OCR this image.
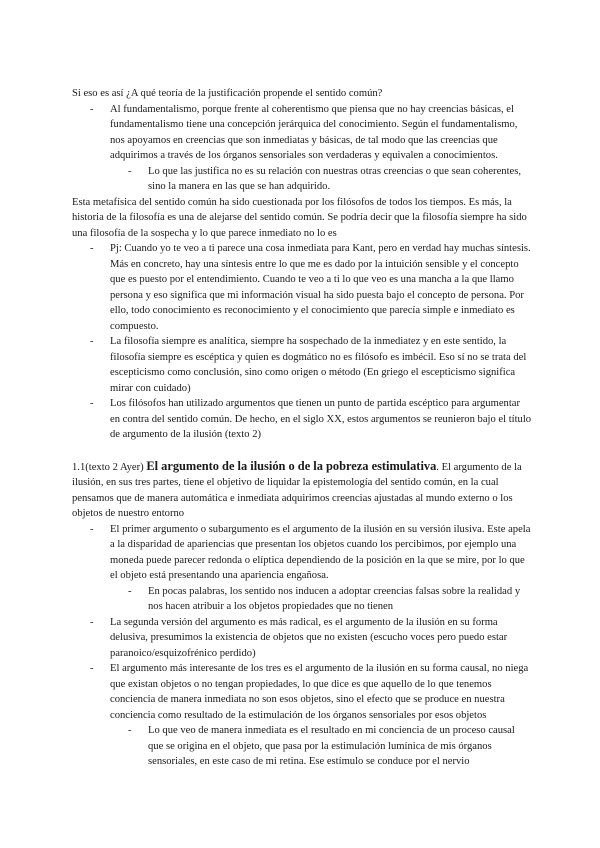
Si eso es así ¿A qué teoría de la justificación propende el sentido común?

- Al fundamentalismo, porque frente al coherentismo que piensa que no hay creencias básicas, el fundamentalismo tiene una concepción jerárquica del conocimiento. Según el fundamentalismo, nos apoyamos en creencias que son inmediatas y básicas, de tal modo que las creencias que adquirimos a través de los órganos sensoriales son verdaderas y equivalen a conocimientos.
- Lo que las justifica no es su relación con nuestras otras creencias o que sean coherentes, sino la manera en las que se han adquirido.

Esta metafísica del sentido común ha sido cuestionada por los filósofos de todos los tiempos. Es más, la historia de la filosofía es una de alejarse del sentido común. Se podría decir que la filosofía siempre ha sido una filosofía de la sospecha y lo que parece inmediato no lo es

- Pj: Cuando yo te veo a ti parece una cosa inmediata para Kant, pero en verdad hay muchas síntesis. Más en concreto, hay una síntesis entre lo que me es dado por la intuición sensible y el concepto que es puesto por el entendimiento. Cuando te veo a ti lo que veo es una mancha a la que llamo persona y eso significa que mi información visual ha sido puesta bajo el concepto de persona. Por ello, todo conocimiento es reconocimiento y el conocimiento que parecía simple e inmediato es compuesto.
- La filosofía siempre es analítica, siempre ha sospechado de la inmediatez y en este sentido, la filosofía siempre es escéptica y quien es dogmático no es filósofo es imbécil. Eso sí no se trata del escepticismo como conclusión, sino como origen o método (En griego el escepticismo significa mirar con cuidado)
- Los filósofos han utilizado argumentos que tienen un punto de partida escéptico para argumentar en contra del sentido común. De hecho, en el siglo XX, estos argumentos se reunieron bajo el título de argumento de la ilusión (texto 2)

1.1(texto 2 Ayer) El argumento de la ilusión o de la pobreza estimulativa. El argumento de la ilusión, en sus tres partes, tiene el objetivo de liquidar la epistemología del sentido común, en la cual pensamos que de manera automática e inmediata adquirimos creencias ajustadas al mundo externo o los objetos de nuestro entorno

- El primer argumento o subargumento es el argumento de la ilusión en su versión ilusiva. Este apela a la disparidad de apariencias que presentan los objetos cuando los percibimos, por ejemplo una moneda puede parecer redonda o elíptica dependiendo de la posición en la que se mire, por lo que el objeto está presentando una apariencia engañosa.
- En pocas palabras, los sentido nos inducen a adoptar creencias falsas sobre la realidad y nos hacen atribuir a los objetos propiedades que no tienen
- La segunda versión del argumento es más radical, es el argumento de la ilusión en su forma delusiva, presumimos la existencia de objetos que no existen (escucho voces pero puedo estar paranoico/esquizofrénico perdido)
- El argumento más interesante de los tres es el argumento de la ilusión en su forma causal, no niega que existan objetos o no tengan propiedades, lo que dice es que aquello de lo que tenemos conciencia de manera inmediata no son esos objetos, sino el efecto que se produce en nuestra conciencia como resultado de la estimulación de los órganos sensoriales por esos objetos
- Lo que veo de manera inmediata es el resultado en mi conciencia de un proceso causal que se origina en el objeto, que pasa por la estimulación lumínica de mis órganos sensoriales, en este caso de mi retina. Ese estímulo se conduce por el nervio
